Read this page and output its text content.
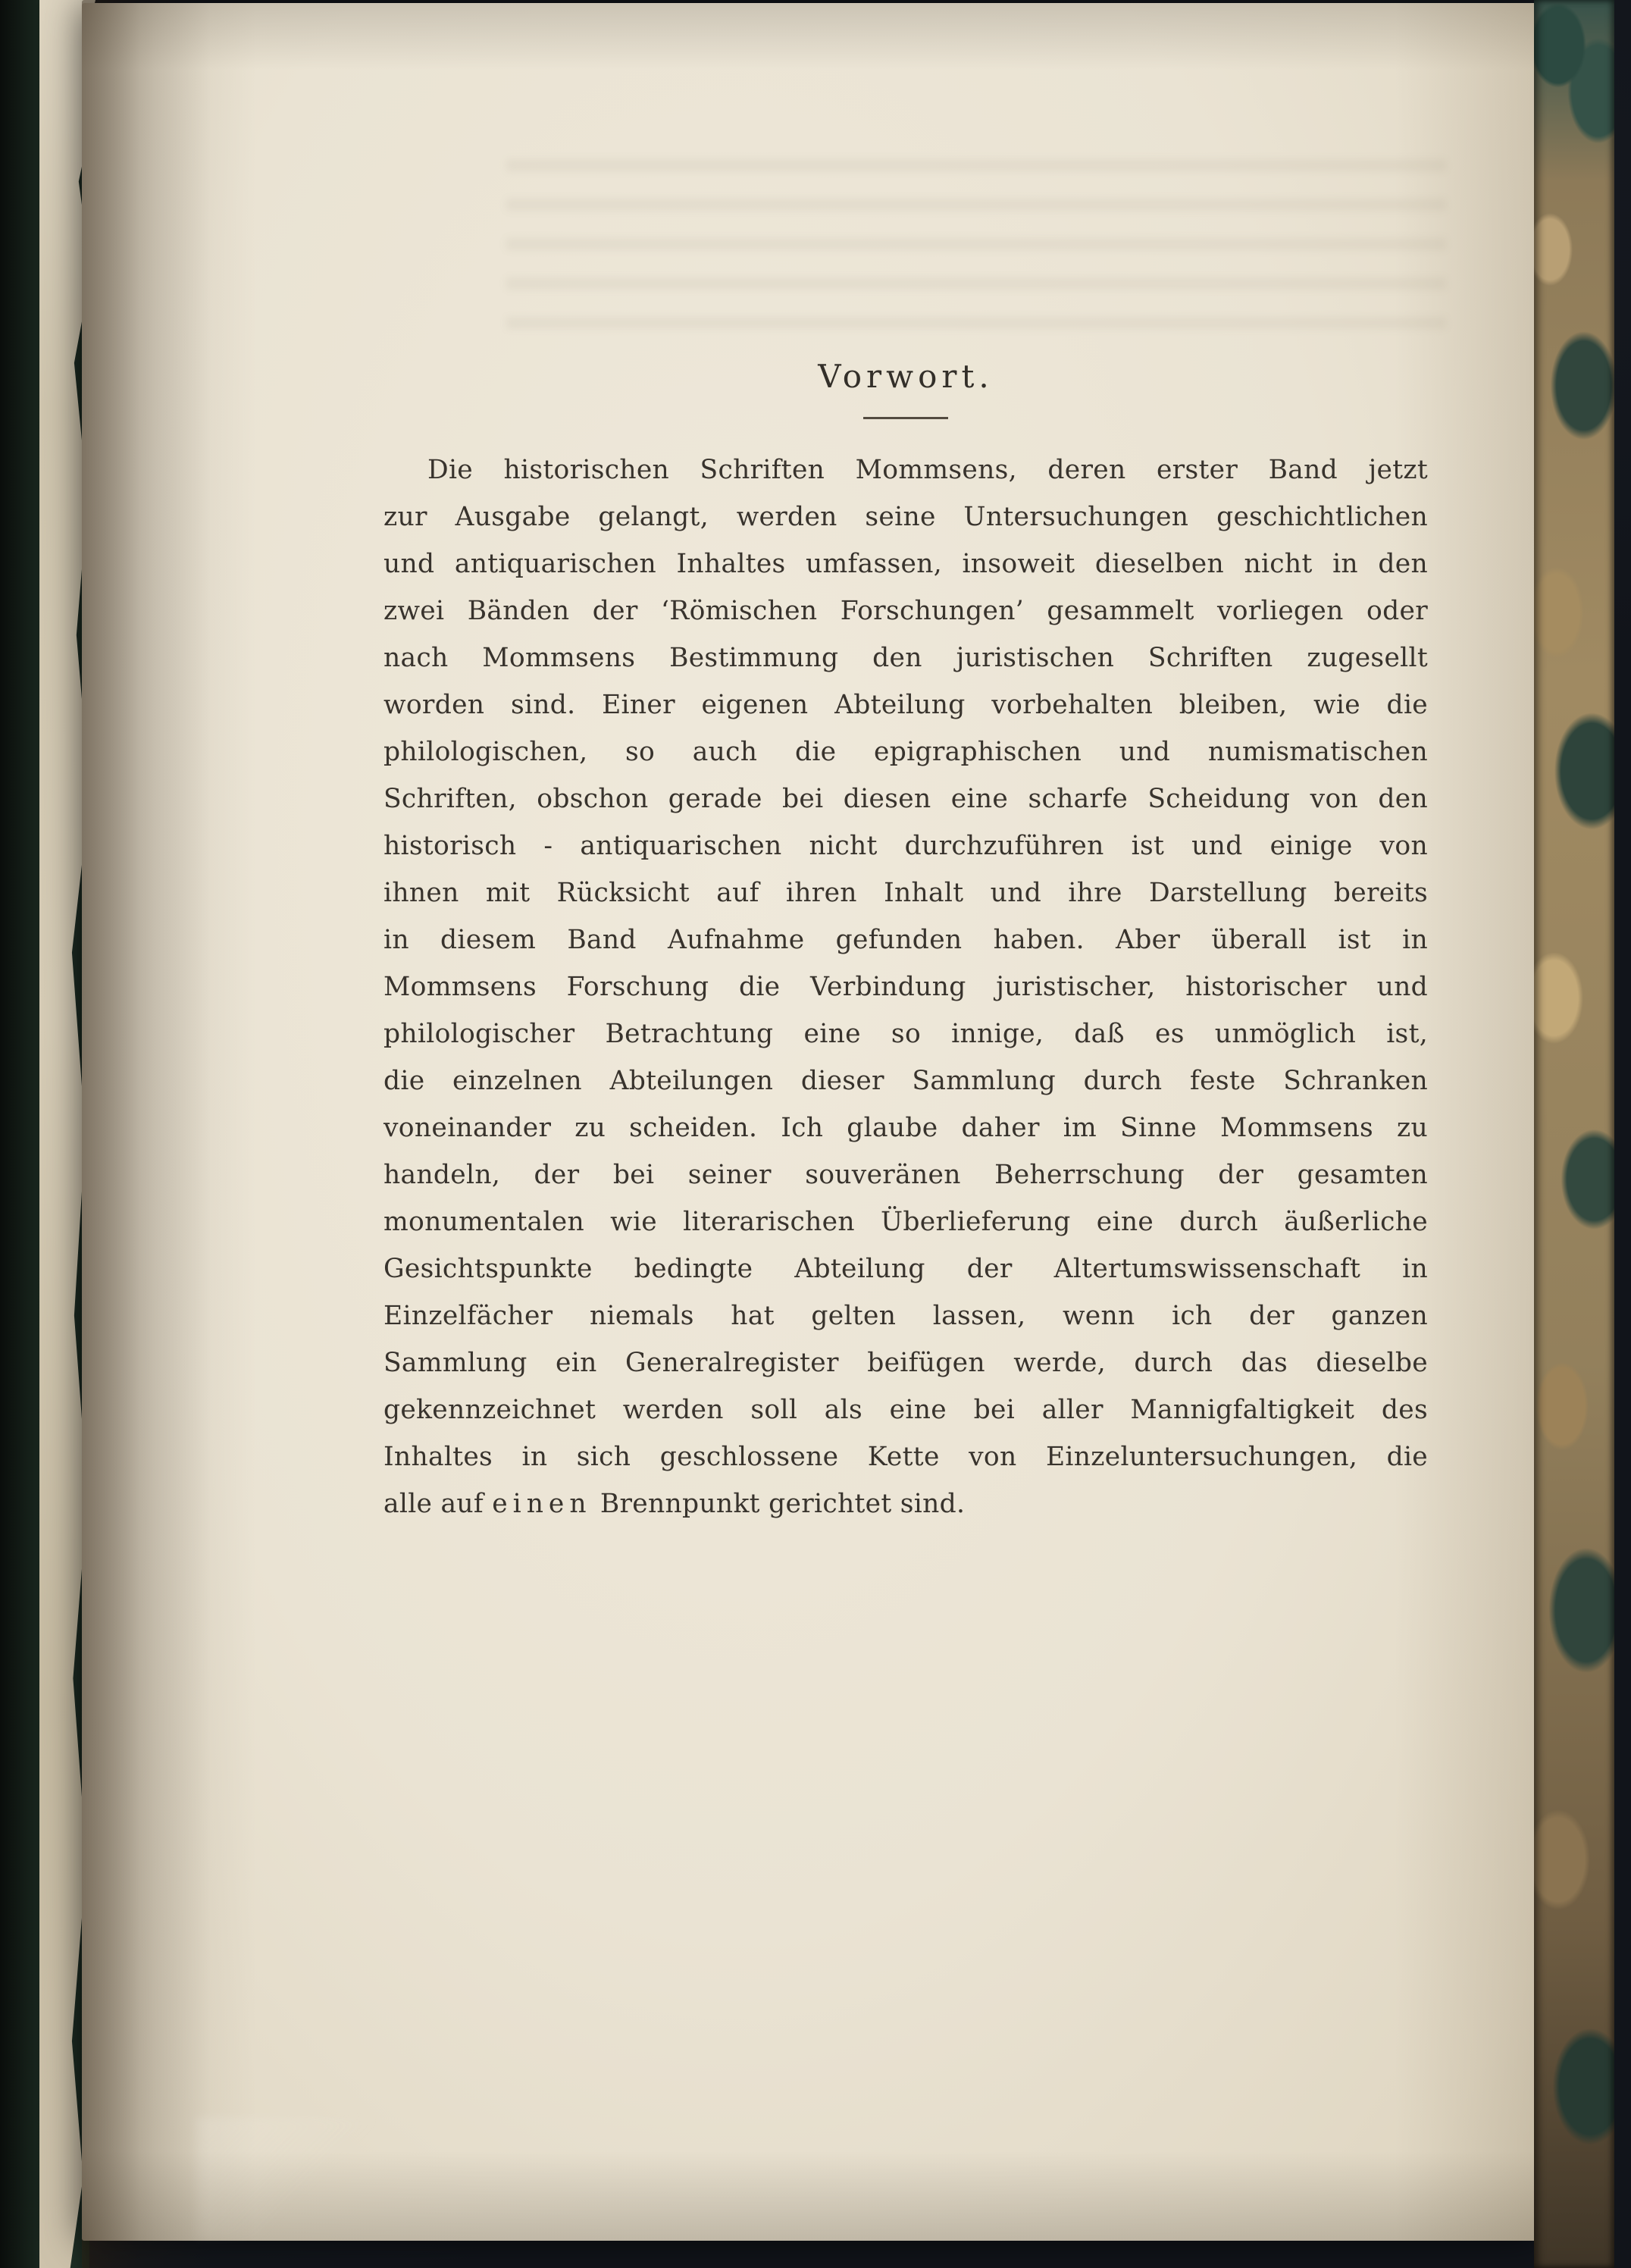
Vorwort.
Die historischen Schriften Mommsens, deren erster Band jetzt
zur Ausgabe gelangt, werden seine Untersuchungen geschichtlichen
und antiquarischen Inhaltes umfassen, insoweit dieselben nicht in den
zwei Bänden der ‘Römischen Forschungen’ gesammelt vorliegen oder
nach Mommsens Bestimmung den juristischen Schriften zugesellt
worden sind. Einer eigenen Abteilung vorbehalten bleiben, wie die
philologischen, so auch die epigraphischen und numismatischen
Schriften, obschon gerade bei diesen eine scharfe Scheidung von den
historisch - antiquarischen nicht durchzuführen ist und einige von
ihnen mit Rücksicht auf ihren Inhalt und ihre Darstellung bereits
in diesem Band Aufnahme gefunden haben. Aber überall ist in
Mommsens Forschung die Verbindung juristischer, historischer und
philologischer Betrachtung eine so innige, daß es unmöglich ist,
die einzelnen Abteilungen dieser Sammlung durch feste Schranken
voneinander zu scheiden. Ich glaube daher im Sinne Mommsens zu
handeln, der bei seiner souveränen Beherrschung der gesamten
monumentalen wie literarischen Überlieferung eine durch äußerliche
Gesichtspunkte bedingte Abteilung der Altertumswissenschaft in
Einzelfächer niemals hat gelten lassen, wenn ich der ganzen
Sammlung ein Generalregister beifügen werde, durch das dieselbe
gekennzeichnet werden soll als eine bei aller Mannigfaltigkeit des
Inhaltes in sich geschlossene Kette von Einzeluntersuchungen, die
alle auf einen Brennpunkt gerichtet sind.
